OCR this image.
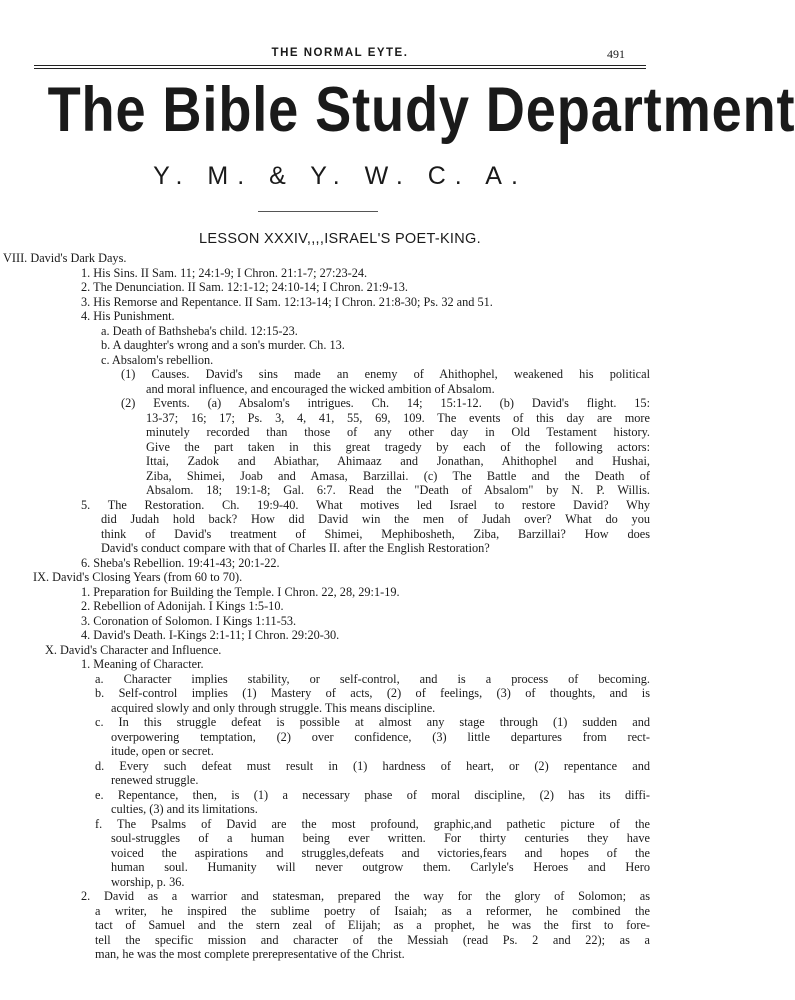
THE NORMAL EYTE.	491
The Bible Study Department
Y. M. & Y. W. C. A.
LESSON XXXIV,,,,ISRAEL'S POET-KING.
VIII. David's Dark Days.
1. His Sins. II Sam. 11; 24:1-9; I Chron. 21:1-7; 27:23-24.
2. The Denunciation. II Sam. 12:1-12; 24:10-14; I Chron. 21:9-13.
3. His Remorse and Repentance. II Sam. 12:13-14; I Chron. 21:8-30; Ps. 32 and 51.
4. His Punishment.
a. Death of Bathsheba's child. 12:15-23.
b. A daughter's wrong and a son's murder. Ch. 13.
c. Absalom's rebellion.
(1) Causes. David's sins made an enemy of Ahithophel, weakened his political
and moral influence, and encouraged the wicked ambition of Absalom.
(2) Events. (a) Absalom's intrigues. Ch. 14; 15:1-12. (b) David's flight. 15:
13-37; 16; 17; Ps. 3, 4, 41, 55, 69, 109. The events of this day are more
minutely recorded than those of any other day in Old Testament history.
Give the part taken in this great tragedy by each of the following actors:
Ittai, Zadok and Abiathar, Ahimaaz and Jonathan, Ahithophel and Hushai,
Ziba, Shimei, Joab and Amasa, Barzillai. (c) The Battle and the Death of
Absalom. 18; 19:1-8; Gal. 6:7. Read the "Death of Absalom" by N. P. Willis.
5. The Restoration. Ch. 19:9-40. What motives led Israel to restore David? Why
did Judah hold back? How did David win the men of Judah over? What do you
think of David's treatment of Shimei, Mephibosheth, Ziba, Barzillai? How does
David's conduct compare with that of Charles II. after the English Restoration?
6. Sheba's Rebellion. 19:41-43; 20:1-22.
IX. David's Closing Years (from 60 to 70).
1. Preparation for Building the Temple. I Chron. 22, 28, 29:1-19.
2. Rebellion of Adonijah. I Kings 1:5-10.
3. Coronation of Solomon. I Kings 1:11-53.
4. David's Death. I-Kings 2:1-11; I Chron. 29:20-30.
X. David's Character and Influence.
1. Meaning of Character.
a. Character implies stability, or self-control, and is a process of becoming.
b. Self-control implies (1) Mastery of acts, (2) of feelings, (3) of thoughts, and is
acquired slowly and only through struggle. This means discipline.
c. In this struggle defeat is possible at almost any stage through (1) sudden and
overpowering temptation, (2) over confidence, (3) little departures from rect-
itude, open or secret.
d. Every such defeat must result in (1) hardness of heart, or (2) repentance and
renewed struggle.
e. Repentance, then, is (1) a necessary phase of moral discipline, (2) has its diffi-
culties, (3) and its limitations.
f. The Psalms of David are the most profound, graphic,and pathetic picture of the
soul-struggles of a human being ever written. For thirty centuries they have
voiced the aspirations and struggles,defeats and victories,fears and hopes of the
human soul. Humanity will never outgrow them. Carlyle's Heroes and Hero
worship, p. 36.
2. David as a warrior and statesman, prepared the way for the glory of Solomon; as
a writer, he inspired the sublime poetry of Isaiah; as a reformer, he combined the
tact of Samuel and the stern zeal of Elijah; as a prophet, he was the first to fore-
tell the specific mission and character of the Messiah (read Ps. 2 and 22); as a
man, he was the most complete prerepresentative of the Christ.
